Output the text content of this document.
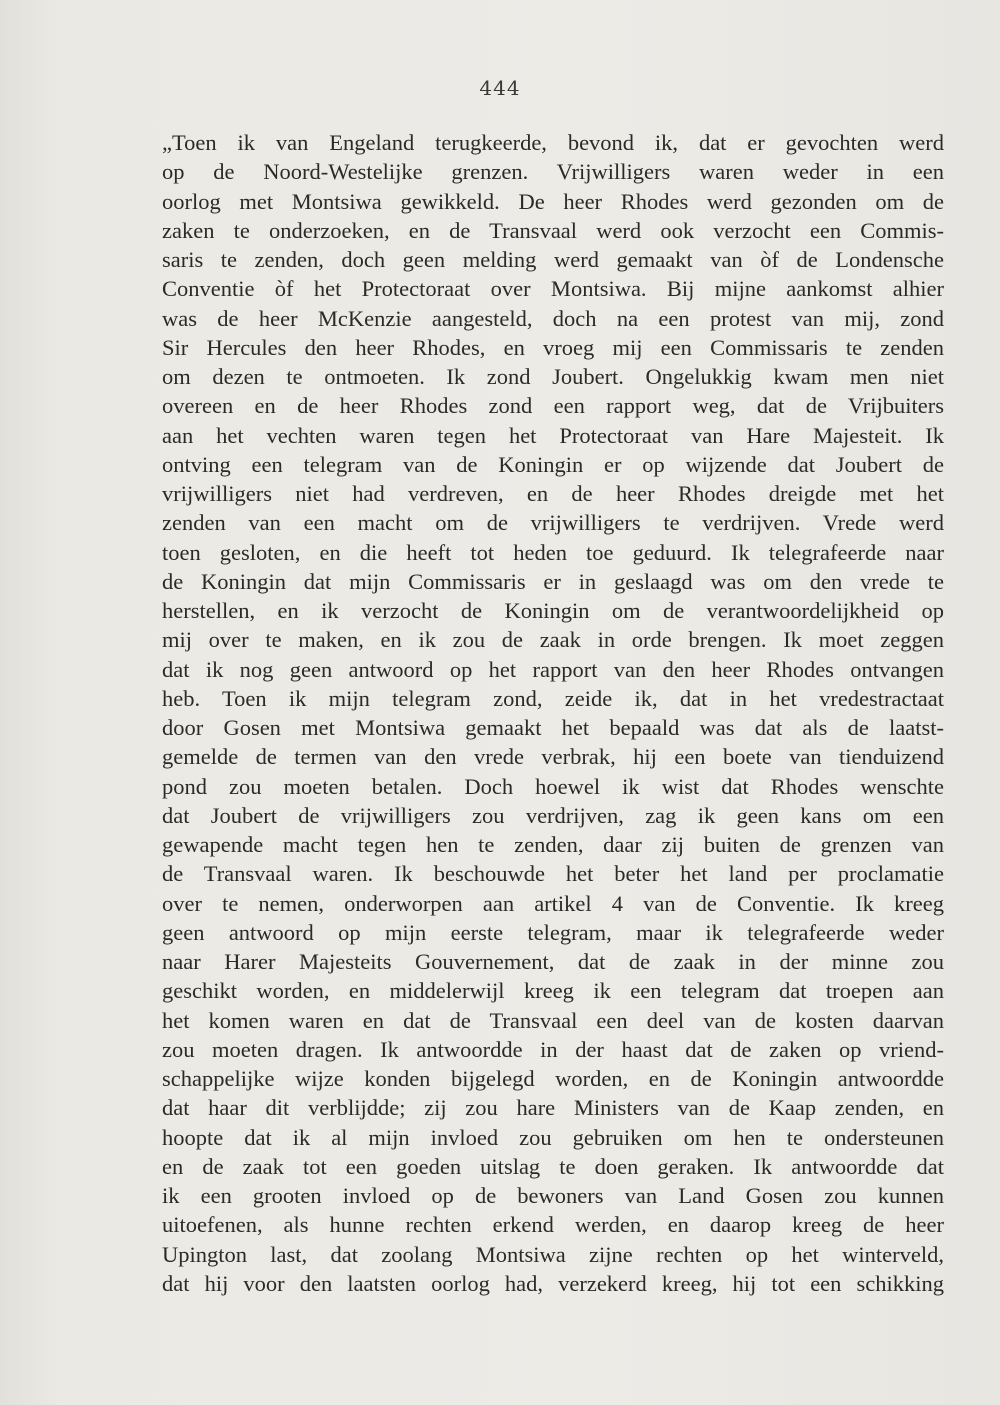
444
„Toen ik van Engeland terugkeerde, bevond ik, dat er gevochten werd
op de Noord-Westelijke grenzen. Vrijwilligers waren weder in een
oorlog met Montsiwa gewikkeld. De heer Rhodes werd gezonden om de
zaken te onderzoeken, en de Transvaal werd ook verzocht een Commis-
saris te zenden, doch geen melding werd gemaakt van òf de Londensche
Conventie òf het Protectoraat over Montsiwa. Bij mijne aankomst alhier
was de heer McKenzie aangesteld, doch na een protest van mij, zond
Sir Hercules den heer Rhodes, en vroeg mij een Commissaris te zenden
om dezen te ontmoeten. Ik zond Joubert. Ongelukkig kwam men niet
overeen en de heer Rhodes zond een rapport weg, dat de Vrijbuiters
aan het vechten waren tegen het Protectoraat van Hare Majesteit. Ik
ontving een telegram van de Koningin er op wijzende dat Joubert de
vrijwilligers niet had verdreven, en de heer Rhodes dreigde met het
zenden van een macht om de vrijwilligers te verdrijven. Vrede werd
toen gesloten, en die heeft tot heden toe geduurd. Ik telegrafeerde naar
de Koningin dat mijn Commissaris er in geslaagd was om den vrede te
herstellen, en ik verzocht de Koningin om de verantwoordelijkheid op
mij over te maken, en ik zou de zaak in orde brengen. Ik moet zeggen
dat ik nog geen antwoord op het rapport van den heer Rhodes ontvangen
heb. Toen ik mijn telegram zond, zeide ik, dat in het vredestractaat
door Gosen met Montsiwa gemaakt het bepaald was dat als de laatst-
gemelde de termen van den vrede verbrak, hij een boete van tienduizend
pond zou moeten betalen. Doch hoewel ik wist dat Rhodes wenschte
dat Joubert de vrijwilligers zou verdrijven, zag ik geen kans om een
gewapende macht tegen hen te zenden, daar zij buiten de grenzen van
de Transvaal waren. Ik beschouwde het beter het land per proclamatie
over te nemen, onderworpen aan artikel 4 van de Conventie. Ik kreeg
geen antwoord op mijn eerste telegram, maar ik telegrafeerde weder
naar Harer Majesteits Gouvernement, dat de zaak in der minne zou
geschikt worden, en middelerwijl kreeg ik een telegram dat troepen aan
het komen waren en dat de Transvaal een deel van de kosten daarvan
zou moeten dragen. Ik antwoordde in der haast dat de zaken op vriend-
schappelijke wijze konden bijgelegd worden, en de Koningin antwoordde
dat haar dit verblijdde; zij zou hare Ministers van de Kaap zenden, en
hoopte dat ik al mijn invloed zou gebruiken om hen te ondersteunen
en de zaak tot een goeden uitslag te doen geraken. Ik antwoordde dat
ik een grooten invloed op de bewoners van Land Gosen zou kunnen
uitoefenen, als hunne rechten erkend werden, en daarop kreeg de heer
Upington last, dat zoolang Montsiwa zijne rechten op het winterveld,
dat hij voor den laatsten oorlog had, verzekerd kreeg, hij tot een schikking
